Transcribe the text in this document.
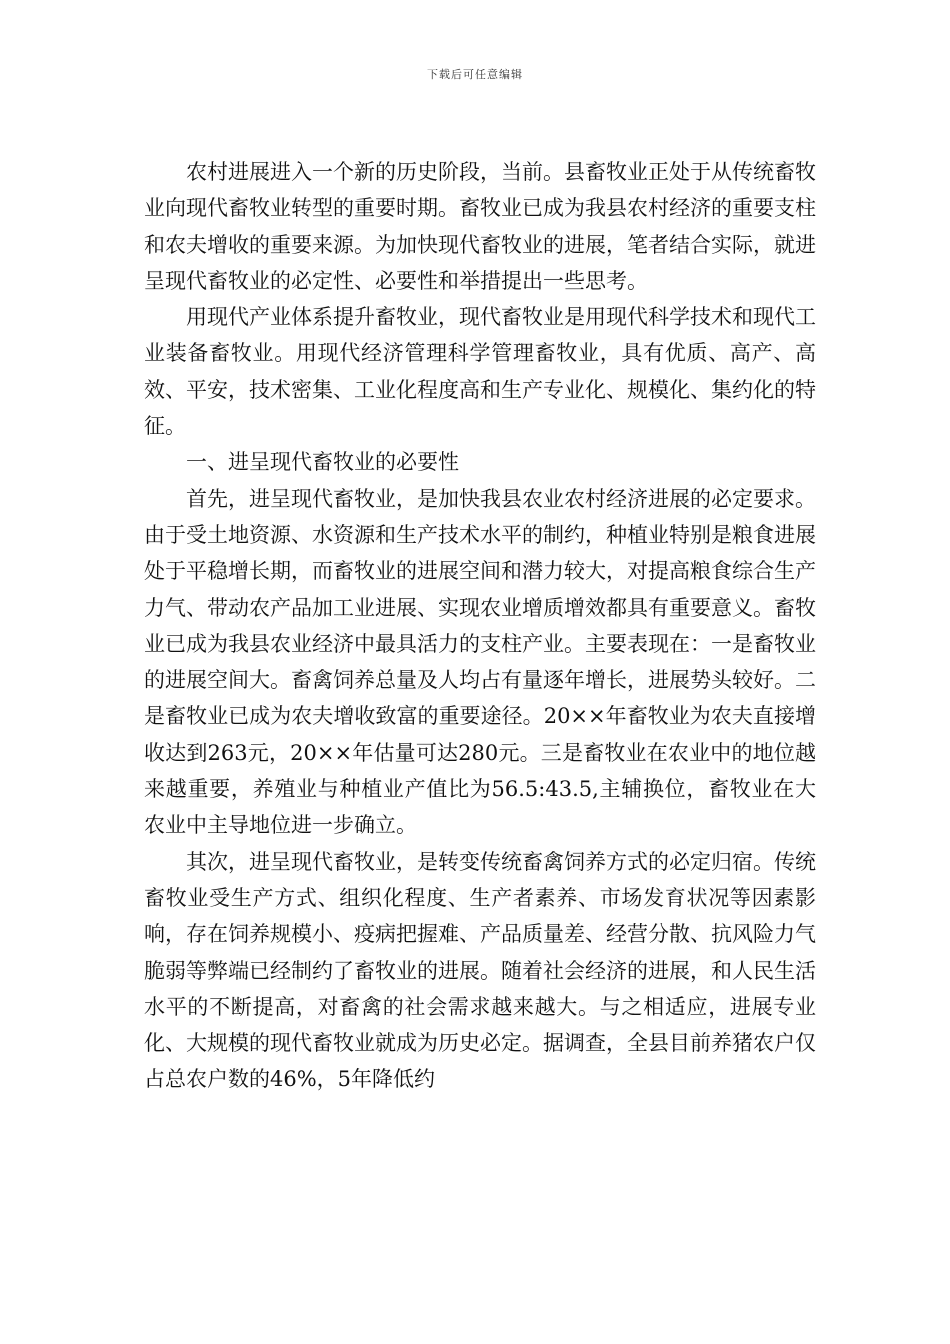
下载后可任意编辑

农村进展进入一个新的历史阶段，当前。县畜牧业正处于从传统畜牧业向现代畜牧业转型的重要时期。畜牧业已成为我县农村经济的重要支柱和农夫增收的重要来源。为加快现代畜牧业的进展，笔者结合实际，就进呈现代畜牧业的必定性、必要性和举措提出一些思考。

用现代产业体系提升畜牧业，现代畜牧业是用现代科学技术和现代工业装备畜牧业。用现代经济管理科学管理畜牧业，具有优质、高产、高效、平安，技术密集、工业化程度高和生产专业化、规模化、集约化的特征。

一、进呈现代畜牧业的必要性

首先，进呈现代畜牧业，是加快我县农业农村经济进展的必定要求。由于受土地资源、水资源和生产技术水平的制约，种植业特别是粮食进展处于平稳增长期，而畜牧业的进展空间和潜力较大，对提高粮食综合生产力气、带动农产品加工业进展、实现农业增质增效都具有重要意义。畜牧业已成为我县农业经济中最具活力的支柱产业。主要表现在：一是畜牧业的进展空间大。畜禽饲养总量及人均占有量逐年增长，进展势头较好。二是畜牧业已成为农夫增收致富的重要途径。20××年畜牧业为农夫直接增收达到263元，20××年估量可达280元。三是畜牧业在农业中的地位越来越重要，养殖业与种植业产值比为56.5:43.5,主辅换位，畜牧业在大农业中主导地位进一步确立。

其次，进呈现代畜牧业，是转变传统畜禽饲养方式的必定归宿。传统畜牧业受生产方式、组织化程度、生产者素养、市场发育状况等因素影响，存在饲养规模小、疫病把握难、产品质量差、经营分散、抗风险力气脆弱等弊端已经制约了畜牧业的进展。随着社会经济的进展，和人民生活水平的不断提高，对畜禽的社会需求越来越大。与之相适应，进展专业化、大规模的现代畜牧业就成为历史必定。据调查，全县目前养猪农户仅占总农户数的46%，5年降低约
